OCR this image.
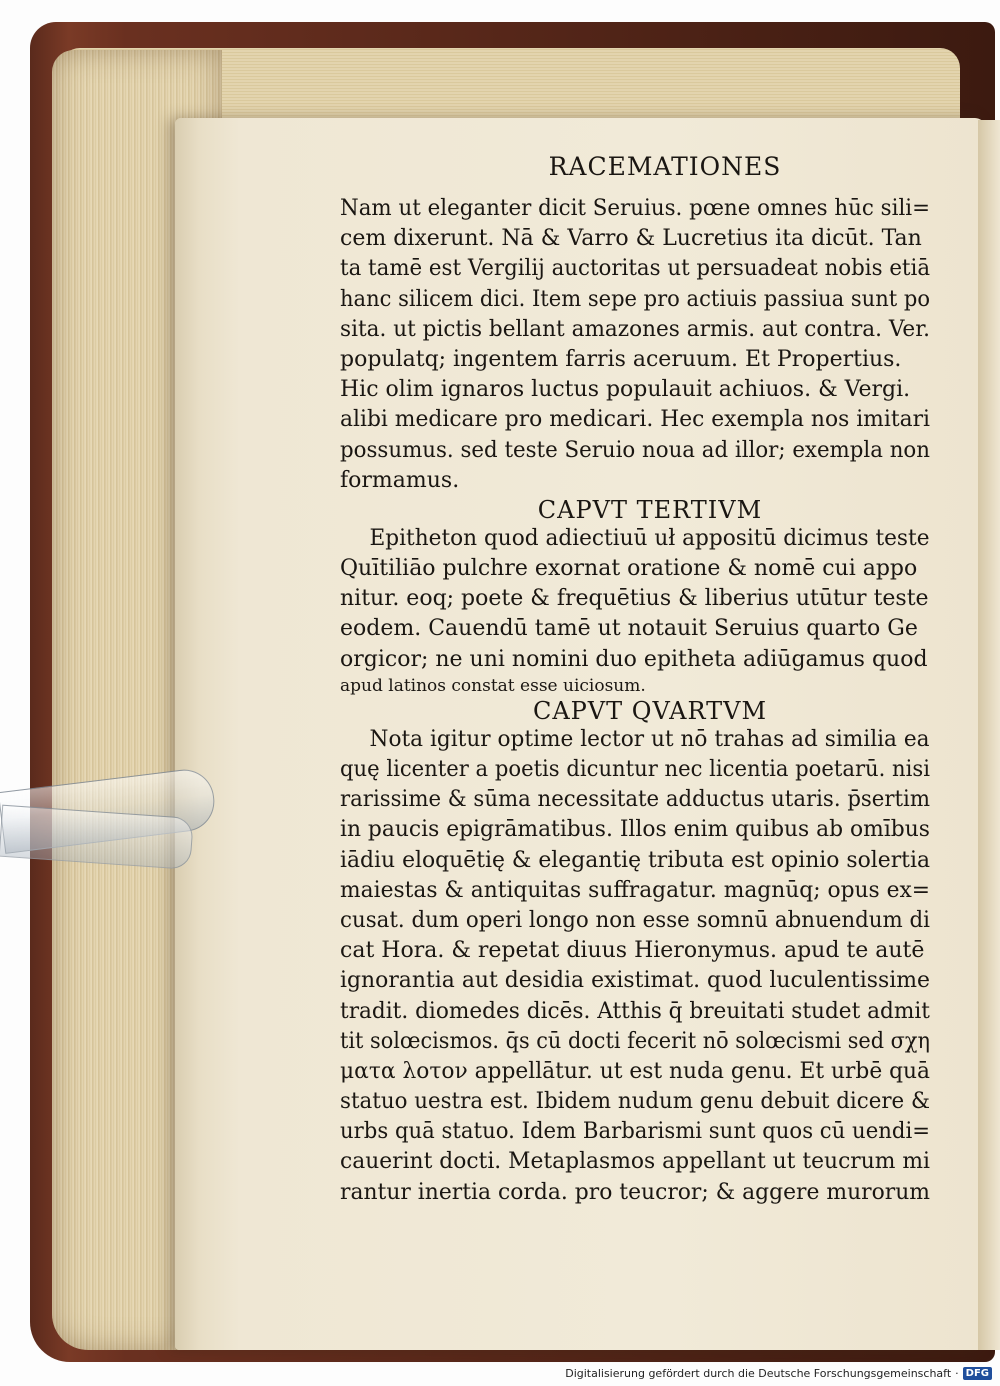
RACEMATIONES
Nam ut eleganter dicit Seruius. pœne omnes hūc sili=
cem dixerunt. Nā & Varro & Lucretius ita dicūt. Tan
ta tamē est Vergilij auctoritas ut persuadeat nobis etiā
hanc silicem dici. Item sepe pro actiuis passiua sunt po
sita. ut pictis bellant amazones armis. aut contra. Ver.
populatq; ingentem farris aceruum. Et Propertius.
Hic olim ignaros luctus populauit achiuos. & Vergi.
alibi medicare pro medicari. Hec exempla nos imitari
possumus. sed teste Seruio noua ad illor; exempla non
formamus.
CAPVT TERTIVM
Epitheton quod adiectiuū uł appositū dicimus teste
Quītiliāo pulchre exornat oratione & nomē cui appo
nitur. eoq; poete & frequētius & liberius utūtur teste
eodem. Cauendū tamē ut notauit Seruius quarto Ge
orgicor; ne uni nomini duo epitheta adiūgamus quod
apud latinos constat esse uiciosum.
CAPVT QVARTVM
Nota igitur optime lector ut nō trahas ad similia ea
quę licenter a poetis dicuntur nec licentia poetarū. nisi
rarissime & sūma necessitate adductus utaris. p̄sertim
in paucis epigrāmatibus. Illos enim quibus ab omībus
iādiu eloquētię & elegantię tributa est opinio solertia
maiestas & antiquitas suffragatur. magnūq; opus ex=
cusat. dum operi longo non esse somnū abnuendum di
cat Hora. & repetat diuus Hieronymus. apud te autē
ignorantia aut desidia existimat. quod luculentissime
tradit. diomedes dicēs. Atthis q̄ breuitati studet admit
tit solœcismos. q̄s cū docti fecerit nō solœcismi sed σχη
ματα λοτον appellātur. ut est nuda genu. Et urbē quā
statuo uestra est. Ibidem nudum genu debuit dicere &
urbs quā statuo. Idem Barbarismi sunt quos cū uendi=
cauerint docti. Metaplasmos appellant ut teucrum mi
rantur inertia corda. pro teucror; & aggere murorum
Digitalisierung gefördert durch die Deutsche Forschungsgemeinschaft · DFG
